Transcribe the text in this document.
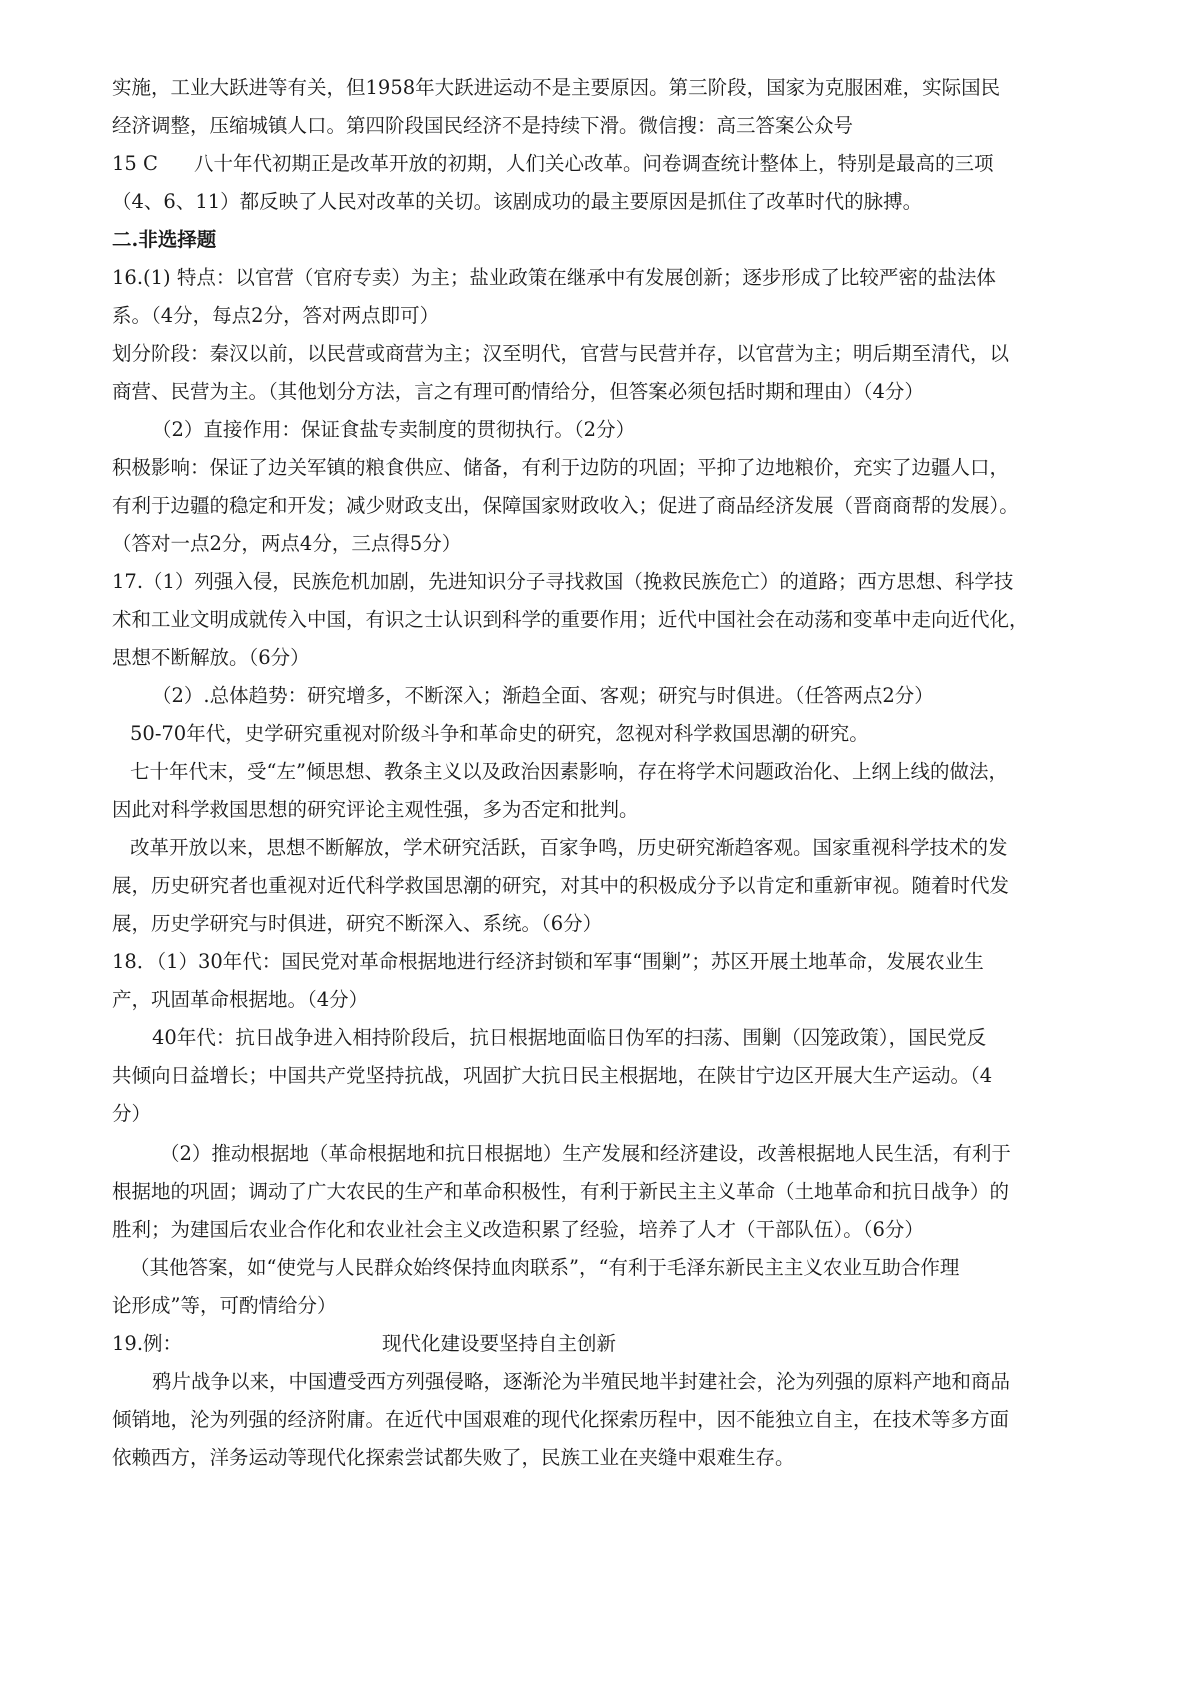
实施，工业大跃进等有关，但1958年大跃进运动不是主要原因。第三阶段，国家为克服困难，实际国民
经济调整，压缩城镇人口。第四阶段国民经济不是持续下滑。微信搜：高三答案公众号
15 C 八十年代初期正是改革开放的初期，人们关心改革。问卷调查统计整体上，特别是最高的三项
（4、6、11）都反映了人民对改革的关切。该剧成功的最主要原因是抓住了改革时代的脉搏。
二.非选择题
16.(1) 特点：以官营（官府专卖）为主；盐业政策在继承中有发展创新；逐步形成了比较严密的盐法体
系。（4分，每点2分，答对两点即可）
划分阶段：秦汉以前，以民营或商营为主；汉至明代，官营与民营并存，以官营为主；明后期至清代，以
商营、民营为主。（其他划分方法，言之有理可酌情给分，但答案必须包括时期和理由）（4分）
（2）直接作用：保证食盐专卖制度的贯彻执行。（2分）
积极影响：保证了边关军镇的粮食供应、储备，有利于边防的巩固；平抑了边地粮价，充实了边疆人口，
有利于边疆的稳定和开发；减少财政支出，保障国家财政收入；促进了商品经济发展（晋商商帮的发展）。
（答对一点2分，两点4分，三点得5分）
17.（1）列强入侵，民族危机加剧，先进知识分子寻找救国（挽救民族危亡）的道路；西方思想、科学技
术和工业文明成就传入中国，有识之士认识到科学的重要作用；近代中国社会在动荡和变革中走向近代化，
思想不断解放。（6分）
（2）.总体趋势：研究增多，不断深入；渐趋全面、客观；研究与时俱进。（任答两点2分）
50-70年代，史学研究重视对阶级斗争和革命史的研究，忽视对科学救国思潮的研究。
七十年代末，受“左”倾思想、教条主义以及政治因素影响，存在将学术问题政治化、上纲上线的做法，
因此对科学救国思想的研究评论主观性强，多为否定和批判。
改革开放以来，思想不断解放，学术研究活跃，百家争鸣，历史研究渐趋客观。国家重视科学技术的发
展，历史研究者也重视对近代科学救国思潮的研究，对其中的积极成分予以肯定和重新审视。随着时代发
展，历史学研究与时俱进，研究不断深入、系统。（6分）
18．（1）30年代：国民党对革命根据地进行经济封锁和军事“围剿”；苏区开展土地革命，发展农业生
产，巩固革命根据地。（4分）
40年代：抗日战争进入相持阶段后，抗日根据地面临日伪军的扫荡、围剿（囚笼政策），国民党反
共倾向日益增长；中国共产党坚持抗战，巩固扩大抗日民主根据地，在陕甘宁边区开展大生产运动。（4
分）
（2）推动根据地（革命根据地和抗日根据地）生产发展和经济建设，改善根据地人民生活，有利于
根据地的巩固；调动了广大农民的生产和革命积极性，有利于新民主主义革命（土地革命和抗日战争）的
胜利；为建国后农业合作化和农业社会主义改造积累了经验，培养了人才（干部队伍）。（6分）
（其他答案，如“使党与人民群众始终保持血肉联系”，“有利于毛泽东新民主主义农业互助合作理
论形成”等，可酌情给分）
19.例：	现代化建设要坚持自主创新
鸦片战争以来，中国遭受西方列强侵略，逐渐沦为半殖民地半封建社会，沦为列强的原料产地和商品
倾销地，沦为列强的经济附庸。在近代中国艰难的现代化探索历程中，因不能独立自主，在技术等多方面
依赖西方，洋务运动等现代化探索尝试都失败了，民族工业在夹缝中艰难生存。
